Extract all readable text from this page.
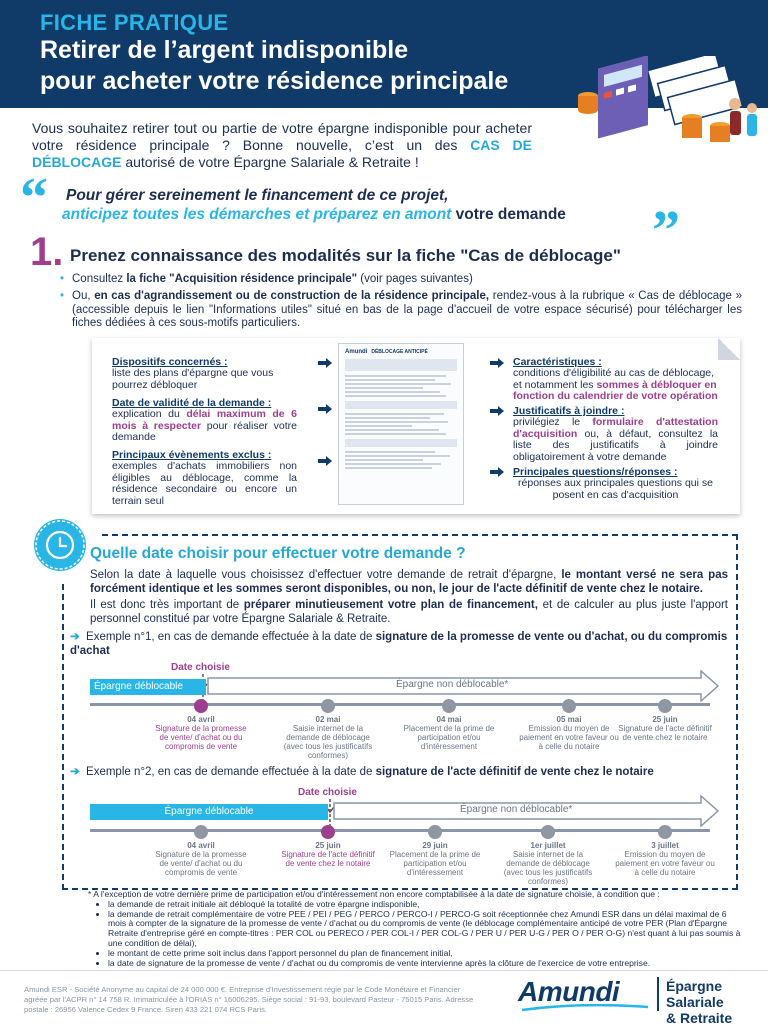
FICHE PRATIQUE
Retirer de l’argent indisponible
pour acheter votre résidence principale
Vous souhaitez retirer tout ou partie de votre épargne indisponible pour acheter votre résidence principale ? Bonne nouvelle, c’est un des CAS DE DÉBLOCAGE autorisé de votre Épargne Salariale & Retraite !
“ Pour gérer sereinement le financement de ce projet,
anticipez toutes les démarches et préparez en amont votre demande	”
1. Prenez connaissance des modalités sur la fiche "Cas de déblocage"
• Consultez la fiche "Acquisition résidence principale" (voir pages suivantes)
• Ou, en cas d'agrandissement ou de construction de la résidence principale, rendez-vous à la rubrique « Cas de déblocage » (accessible depuis le lien "Informations utiles" situé en bas de la page d'accueil de votre espace sécurisé) pour télécharger les fiches dédiées à ces sous-motifs particuliers.
Dispositifs concernés :
liste des plans d'épargne que vous pourrez débloquer
Date de validité de la demande :
explication du délai maximum de 6 mois à respecter pour réaliser votre demande
Principaux évènements exclus :
exemples d'achats immobiliers non éligibles au déblocage, comme la résidence secondaire ou encore un terrain seul
Amundi DÉBLOCAGE ANTICIPÉ
Caractéristiques :
conditions d'éligibilité au cas de déblocage, et notamment les sommes à débloquer en fonction du calendrier de votre opération
Justificatifs à joindre :
privilégiez le formulaire d'attestation d'acquisition ou, à défaut, consultez la liste des justificatifs à joindre obligatoirement à votre demande
Principales questions/réponses :
réponses aux principales questions qui se posent en cas d'acquisition
Quelle date choisir pour effectuer votre demande ?
Selon la date à laquelle vous choisissez d'effectuer votre demande de retrait d'épargne, le montant versé ne sera pas forcément identique et les sommes seront disponibles, ou non, le jour de l'acte définitif de vente chez le notaire.
Il est donc très important de préparer minutieusement votre plan de financement, et de calculer au plus juste l'apport personnel constitué par votre Épargne Salariale & Retraite.
➔ Exemple n°1, en cas de demande effectuée à la date de signature de la promesse de vente ou d'achat, ou du compromis d'achat
Date choisie
Épargne déblocable	Épargne non déblocable*
04 avril
Signature de la promesse de vente/ d'achat ou du compromis de vente
02 mai
Saisie internet de la demande de déblocage (avec tous les justificatifs conformes)
04 mai
Placement de la prime de participation et/ou d'intéressement
05 mai
Emission du moyen de paiement en votre faveur ou à celle du notaire
25 juin
Signature de l'acte définitif de vente chez le notaire
➔ Exemple n°2, en cas de demande effectuée à la date de signature de l'acte définitif de vente chez le notaire
Date choisie
Épargne déblocable	Épargne non déblocable*
04 avril
Signature de la promesse de vente/ d'achat ou du compromis de vente
25 juin
Signature de l'acte définitif de vente chez le notaire
29 juin
Placement de la prime de participation et/ou d'intéressement
1er juillet
Saisie internet de la demande de déblocage (avec tous les justificatifs conformes)
3 juillet
Emission du moyen de paiement en votre faveur ou à celle du notaire
* A l'exception de votre dernière prime de participation et/ou d'intéressement non encore comptabilisée à la date de signature choisie, à condition que :
• la demande de retrait initiale ait débloqué la totalité de votre épargne indisponible,
• la demande de retrait complémentaire de votre PEE / PEI / PEG / PERCO / PERCO-I / PERCO-G soit réceptionnée chez Amundi ESR dans un délai maximal de 6 mois à compter de la signature de la promesse de vente / d'achat ou du compromis de vente (le déblocage complémentaire anticipé de votre PER (Plan d'Épargne Retraite d'entreprise géré en compte-titres : PER COL ou PERECO / PER COL-I / PER COL-G / PER U / PER U-G / PER O / PER O-G) n'est quant à lui pas soumis à une condition de délai),
• le montant de cette prime soit inclus dans l'apport personnel du plan de financement initial,
• la date de signature de la promesse de vente / d'achat ou du compromis de vente intervienne après la clôture de l'exercice de votre entreprise.
Amundi ESR - Société Anonyme au capital de 24 000 000 €. Entreprise d'Investissement régie par le Code Monétaire et Financier agréée par l'ACPR n° 14 758 R. Immatriculée à l'ORIAS n° 16006295. Siège social : 91-93, boulevard Pasteur - 75015 Paris. Adresse postale : 26956 Valence Cedex 9 France. Siren 433 221 074 RCS Paris.
Amundi	Épargne Salariale
& Retraite
